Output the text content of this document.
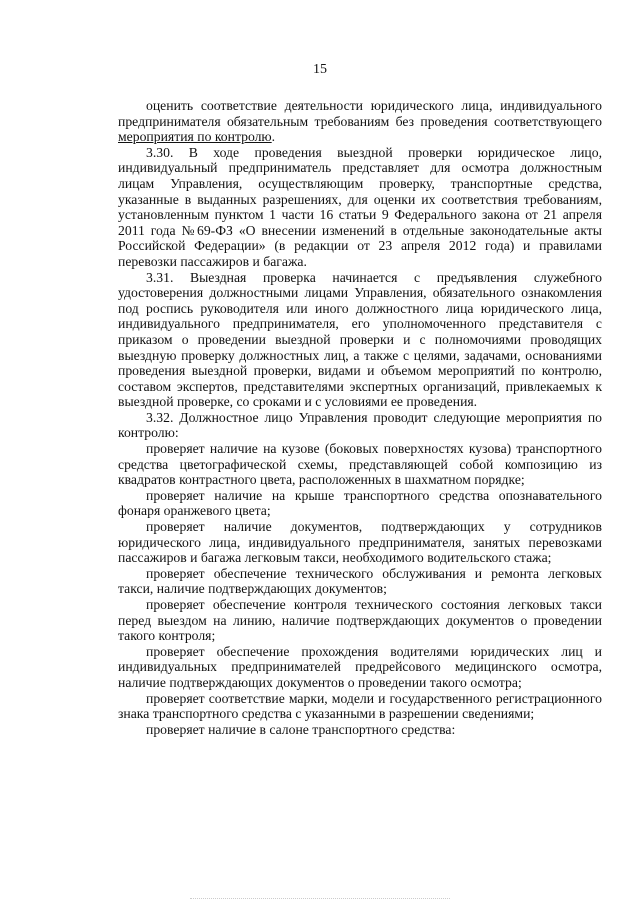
15

оценить соответствие деятельности юридического лица, индивидуального предпринимателя обязательным требованиям без проведения соответствующего мероприятия по контролю.

3.30. В ходе проведения выездной проверки юридическое лицо, индивидуальный предприниматель представляет для осмотра должностным лицам Управления, осуществляющим проверку, транспортные средства, указанные в выданных разрешениях, для оценки их соответствия требованиям, установленным пунктом 1 части 16 статьи 9 Федерального закона от 21 апреля 2011 года №69-ФЗ «О внесении изменений в отдельные законодательные акты Российской Федерации» (в редакции от 23 апреля 2012 года) и правилами перевозки пассажиров и багажа.

3.31. Выездная проверка начинается с предъявления служебного удостоверения должностными лицами Управления, обязательного ознакомления под роспись руководителя или иного должностного лица юридического лица, индивидуального предпринимателя, его уполномоченного представителя с приказом о проведении выездной проверки и с полномочиями проводящих выездную проверку должностных лиц, а также с целями, задачами, основаниями проведения выездной проверки, видами и объемом мероприятий по контролю, составом экспертов, представителями экспертных организаций, привлекаемых к выездной проверке, со сроками и с условиями ее проведения.

3.32. Должностное лицо Управления проводит следующие мероприятия по контролю:

проверяет наличие на кузове (боковых поверхностях кузова) транспортного средства цветографической схемы, представляющей собой композицию из квадратов контрастного цвета, расположенных в шахматном порядке;

проверяет наличие на крыше транспортного средства опознавательного фонаря оранжевого цвета;

проверяет наличие документов, подтверждающих у сотрудников юридического лица, индивидуального предпринимателя, занятых перевозками пассажиров и багажа легковым такси, необходимого водительского стажа;

проверяет обеспечение технического обслуживания и ремонта легковых такси, наличие подтверждающих документов;

проверяет обеспечение контроля технического состояния легковых такси перед выездом на линию, наличие подтверждающих документов о проведении такого контроля;

проверяет обеспечение прохождения водителями юридических лиц и индивидуальных предпринимателей предрейсового медицинского осмотра, наличие подтверждающих документов о проведении такого осмотра;

проверяет соответствие марки, модели и государственного регистрационного знака транспортного средства с указанными в разрешении сведениями;

проверяет наличие в салоне транспортного средства:
